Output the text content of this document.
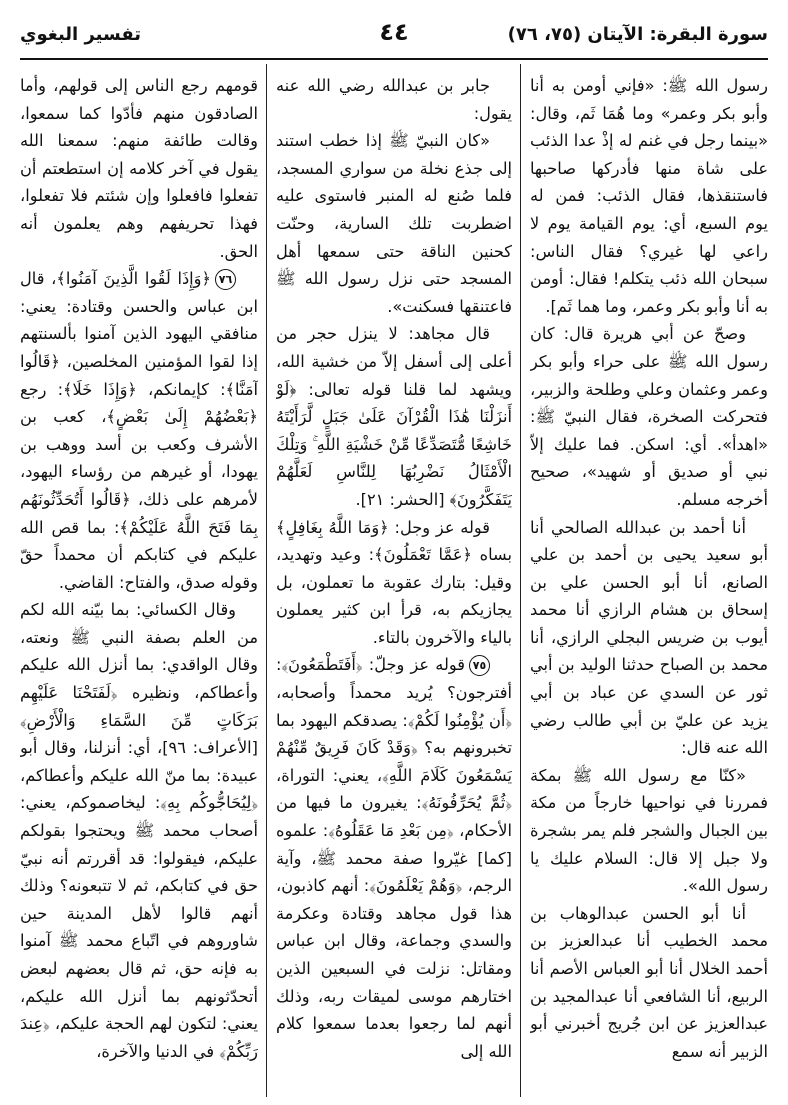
سورة البقرة: الآيتان (٧٥، ٧٦)
٤٤
تفسير البغوي

رسول الله ﷺ: «فإني أومن به أنا وأبو بكر وعمر» وما هُمَا ثَم، وقال: «بينما رجل في غنم له إذْ عدا الذئب على شاة منها فأدركها صاحبها فاستنقذها، فقال الذئب: فمن له يوم السبع، أي: يوم القيامة يوم لا راعي لها غيري؟ فقال الناس: سبحان الله ذئب يتكلم! فقال: أومن به أنا وأبو بكر وعمر، وما هما ثَم].

وصحّ عن أبي هريرة قال: كان رسول الله ﷺ على حراء وأبو بكر وعمر وعثمان وعلي وطلحة والزبير، فتحركت الصخرة، فقال النبيّ ﷺ: «اهدأ». أي: اسكن. فما عليك إلاّ نبي أو صديق أو شهيد»، صحيح أخرجه مسلم.

أنا أحمد بن عبدالله الصالحي أنا أبو سعيد يحيى بن أحمد بن علي الصانع، أنا أبو الحسن علي بن إسحاق بن هشام الرازي أنا محمد أيوب بن ضريس البجلي الرازي، أنا محمد بن الصباح حدثنا الوليد بن أبي ثور عن السدي عن عباد بن أبي يزيد عن عليّ بن أبي طالب رضي الله عنه قال:

«كنّا مع رسول الله ﷺ بمكة فمررنا في نواحيها خارجاً من مكة بين الجبال والشجر فلم يمر بشجرة ولا جبل إلا قال: السلام عليك يا رسول الله».

أنا أبو الحسن عبدالوهاب بن محمد الخطيب أنا عبدالعزيز بن أحمد الخلال أنا أبو العباس الأصم أنا الربيع، أنا الشافعي أنا عبدالمجيد بن عبدالعزيز عن ابن جُريج أخبرني أبو الزبير أنه سمع

جابر بن عبدالله رضي الله عنه يقول:

«كان النبيّ ﷺ إذا خطب استند إلى جذع نخلة من سواري المسجد، فلما صُنع له المنبر فاستوى عليه اضطربت تلك السارية، وحنّت كحنين الناقة حتى سمعها أهل المسجد حتى نزل رسول الله ﷺ فاعتنقها فسكنت».

قال مجاهد: لا ينزل حجر من أعلى إلى أسفل إلاّ من خشية الله، ويشهد لما قلنا قوله تعالى: ﴿لَوْ أَنزَلْنَا هَٰذَا الْقُرْآنَ عَلَىٰ جَبَلٍ لَّرَأَيْتَهُ خَاشِعًا مُّتَصَدِّعًا مِّنْ خَشْيَةِ اللَّهِ ۚ وَتِلْكَ الْأَمْثَالُ نَضْرِبُهَا لِلنَّاسِ لَعَلَّهُمْ يَتَفَكَّرُونَ﴾ [الحشر: ٢١].

قوله عز وجل: ﴿وَمَا اللَّهُ بِغَافِلٍ﴾ بساه ﴿عَمَّا تَعْمَلُونَ﴾: وعيد وتهديد، وقيل: بتارك عقوبة ما تعملون، بل يجازيكم به، قرأ ابن كثير يعملون بالياء والآخرون بالتاء.

٧٥قوله عز وجلّ: ﴿أَفَتَطْمَعُونَ﴾: أفترجون؟ يُريد محمداً وأصحابه، ﴿أَن يُؤْمِنُوا لَكُمْ﴾: يصدقكم اليهود بما تخبرونهم به؟ ﴿وَقَدْ كَانَ فَرِيقٌ مِّنْهُمْ يَسْمَعُونَ كَلَامَ اللَّهِ﴾، يعني: التوراة، ﴿ثُمَّ يُحَرِّفُونَهُ﴾: يغيرون ما فيها من الأحكام، ﴿مِن بَعْدِ مَا عَقَلُوهُ﴾: علموه [كما] غيّروا صفة محمد ﷺ، وآية الرجم، ﴿وَهُمْ يَعْلَمُونَ﴾: أنهم كاذبون، هذا قول مجاهد وقتادة وعكرمة والسدي وجماعة، وقال ابن عباس ومقاتل: نزلت في السبعين الذين اختارهم موسى لميقات ربه، وذلك أنهم لما رجعوا بعدما سمعوا كلام الله إلى

قومهم رجع الناس إلى قولهم، وأما الصادقون منهم فأدّوا كما سمعوا، وقالت طائفة منهم: سمعنا الله يقول في آخر كلامه إن استطعتم أن تفعلوا فافعلوا وإن شئتم فلا تفعلوا، فهذا تحريفهم وهم يعلمون أنه الحق.

٧٦﴿وَإِذَا لَقُوا الَّذِينَ آمَنُوا﴾، قال ابن عباس والحسن وقتادة: يعني: منافقي اليهود الذين آمنوا بألسنتهم إذا لقوا المؤمنين المخلصين، ﴿قَالُوا آمَنَّا﴾: كإيمانكم، ﴿وَإِذَا خَلَا﴾: رجع ﴿بَعْضُهُمْ إِلَىٰ بَعْضٍ﴾، كعب بن الأشرف وكعب بن أسد ووهب بن يهودا، أو غيرهم من رؤساء اليهود، لأمرهم على ذلك، ﴿قَالُوا أَتُحَدِّثُونَهُم بِمَا فَتَحَ اللَّهُ عَلَيْكُمْ﴾: بما قص الله عليكم في كتابكم أن محمداً حقّ وقوله صدق، والفتاح: القاضي.

وقال الكسائي: بما بيّنه الله لكم من العلم بصفة النبي ﷺ ونعته، وقال الواقدي: بما أنزل الله عليكم وأعطاكم، ونظيره ﴿لَفَتَحْنَا عَلَيْهِم بَرَكَاتٍ مِّنَ السَّمَاءِ وَالْأَرْضِ﴾ [الأعراف: ٩٦]، أي: أنزلنا، وقال أبو عبيدة: بما منّ الله عليكم وأعطاكم، ﴿لِيُحَاجُّوكُم بِهِ﴾: ليخاصموكم، يعني: أصحاب محمد ﷺ ويحتجوا بقولكم عليكم، فيقولوا: قد أقررتم أنه نبيّ حق في كتابكم، ثم لا تتبعونه؟ وذلك أنهم قالوا لأهل المدينة حين شاوروهم في اتّباع محمد ﷺ آمنوا به فإنه حق، ثم قال بعضهم لبعض أتحدّثونهم بما أنزل الله عليكم، يعني: لتكون لهم الحجة عليكم، ﴿عِندَ رَبِّكُمْ﴾ في الدنيا والآخرة،
